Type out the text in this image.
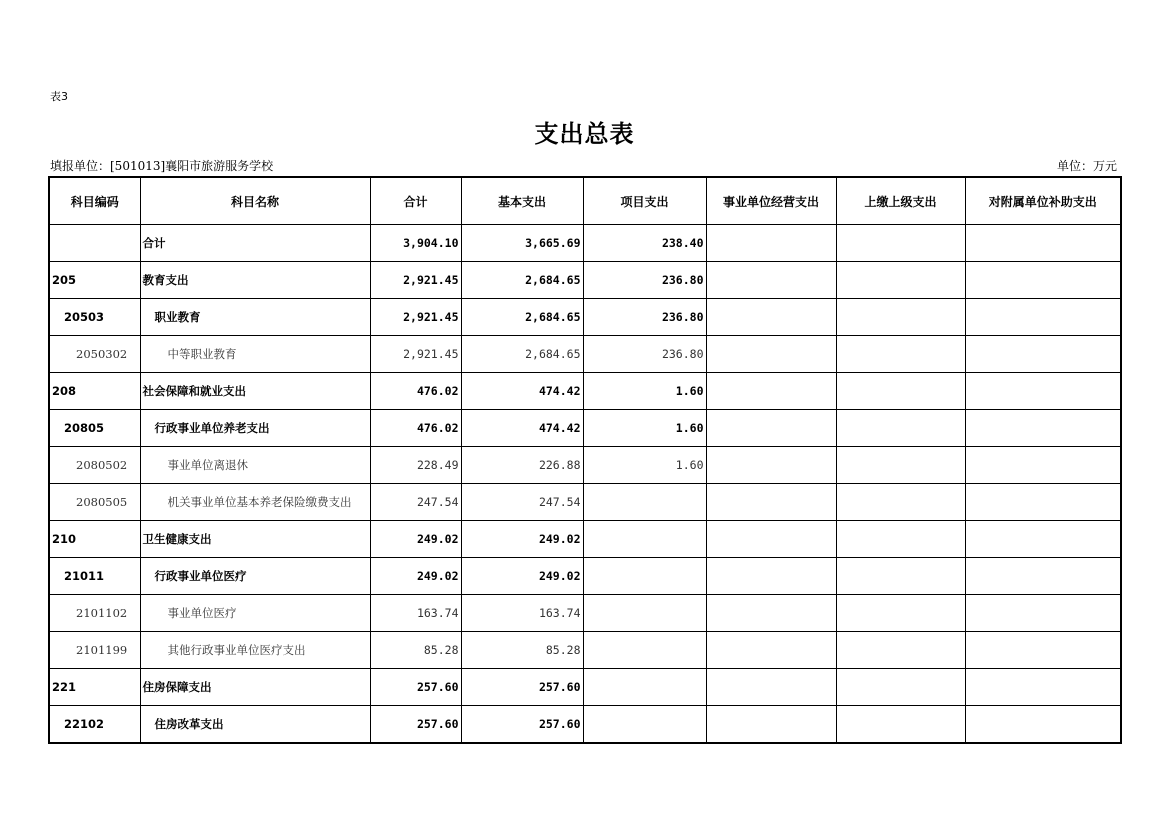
表3
支出总表
填报单位：[501013]襄阳市旅游服务学校	单位：万元
科目编码	科目名称	合计	基本支出	项目支出	事业单位经营支出	上缴上级支出	对附属单位补助支出
	合计	3,904.10	3,665.69	238.40			
205	教育支出	2,921.45	2,684.65	236.80			
20503	职业教育	2,921.45	2,684.65	236.80			
2050302	中等职业教育	2,921.45	2,684.65	236.80			
208	社会保障和就业支出	476.02	474.42	1.60			
20805	行政事业单位养老支出	476.02	474.42	1.60			
2080502	事业单位离退休	228.49	226.88	1.60			
2080505	机关事业单位基本养老保险缴费支出	247.54	247.54				
210	卫生健康支出	249.02	249.02				
21011	行政事业单位医疗	249.02	249.02				
2101102	事业单位医疗	163.74	163.74				
2101199	其他行政事业单位医疗支出	85.28	85.28				
221	住房保障支出	257.60	257.60				
22102	住房改革支出	257.60	257.60				
